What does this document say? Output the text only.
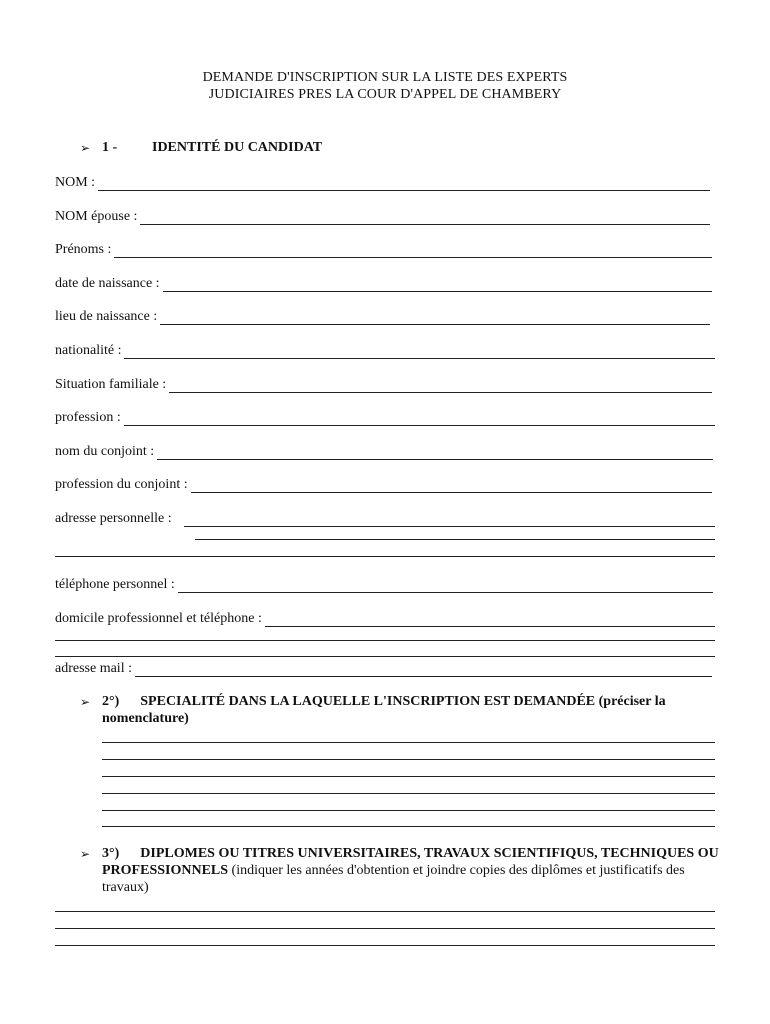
DEMANDE D'INSCRIPTION SUR LA LISTE DES EXPERTS
JUDICIAIRES PRES LA COUR D'APPEL DE CHAMBERY
➢ 1 - IDENTITÉ DU CANDIDAT
NOM :
NOM épouse :
Prénoms :
date de naissance :
lieu de naissance :
nationalité :
Situation familiale :
profession :
nom du conjoint :
profession du conjoint :
adresse personnelle :
téléphone personnel :
domicile professionnel et téléphone :
adresse mail :
➢ 2°) SPECIALITÉ DANS LA LAQUELLE L'INSCRIPTION EST DEMANDÉE (préciser la nomenclature)
➢ 3°) DIPLOMES OU TITRES UNIVERSITAIRES, TRAVAUX SCIENTIFIQUS, TECHNIQUES OU PROFESSIONNELS (indiquer les années d'obtention et joindre copies des diplômes et justificatifs des travaux)
